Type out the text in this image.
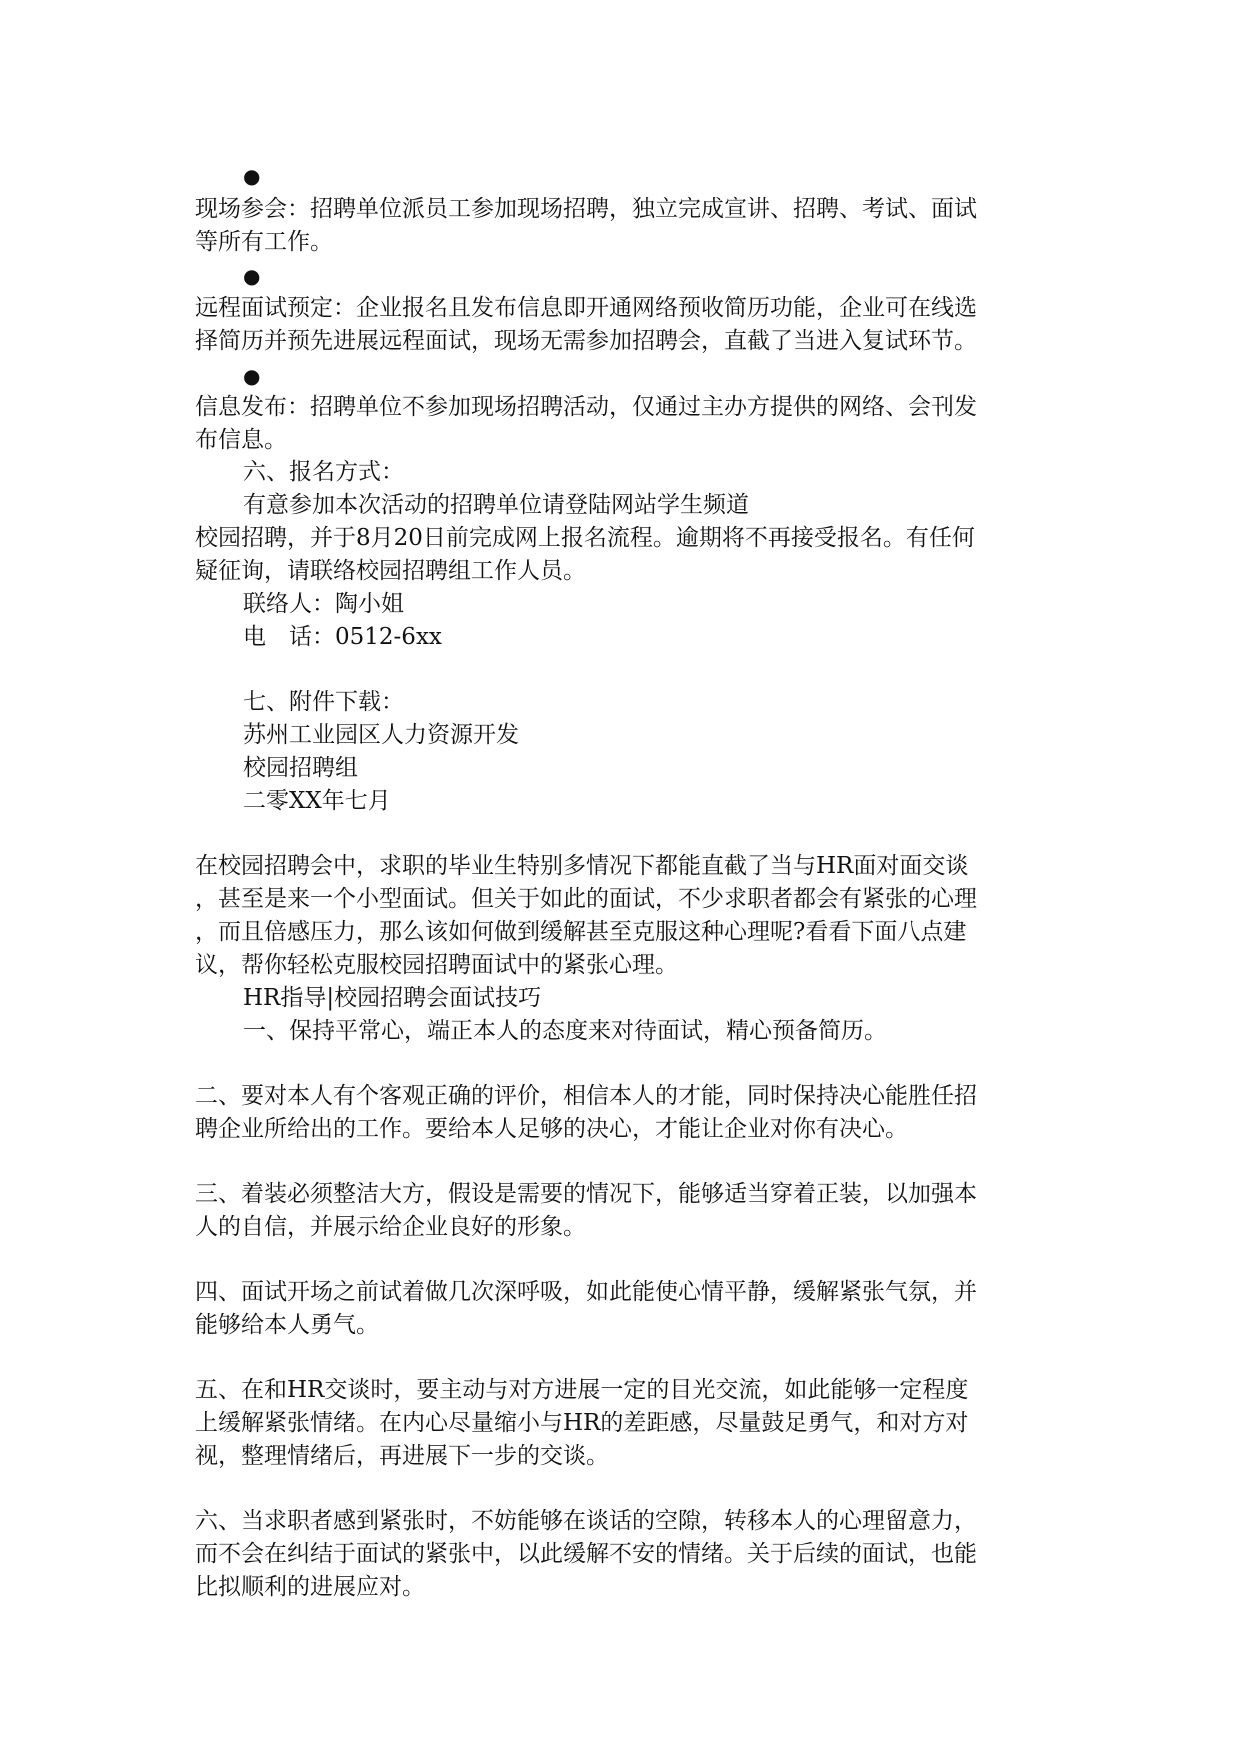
●
现场参会：招聘单位派员工参加现场招聘，独立完成宣讲、招聘、考试、面试
等所有工作。
●
远程面试预定：企业报名且发布信息即开通网络预收简历功能，企业可在线选
择简历并预先进展远程面试，现场无需参加招聘会，直截了当进入复试环节。
●
信息发布：招聘单位不参加现场招聘活动，仅通过主办方提供的网络、会刊发
布信息。
六、报名方式：
有意参加本次活动的招聘单位请登陆网站学生频道
校园招聘，并于8月20日前完成网上报名流程。逾期将不再接受报名。有任何
疑征询，请联络校园招聘组工作人员。
联络人：陶小姐
电　话：0512-6xx
七、附件下载：
苏州工业园区人力资源开发
校园招聘组
二零XX年七月
在校园招聘会中，求职的毕业生特别多情况下都能直截了当与HR面对面交谈
，甚至是来一个小型面试。但关于如此的面试，不少求职者都会有紧张的心理
，而且倍感压力，那么该如何做到缓解甚至克服这种心理呢?看看下面八点建
议，帮你轻松克服校园招聘面试中的紧张心理。
HR指导|校园招聘会面试技巧
一、保持平常心，端正本人的态度来对待面试，精心预备简历。
二、要对本人有个客观正确的评价，相信本人的才能，同时保持决心能胜任招
聘企业所给出的工作。要给本人足够的决心，才能让企业对你有决心。
三、着装必须整洁大方，假设是需要的情况下，能够适当穿着正装，以加强本
人的自信，并展示给企业良好的形象。
四、面试开场之前试着做几次深呼吸，如此能使心情平静，缓解紧张气氛，并
能够给本人勇气。
五、在和HR交谈时，要主动与对方进展一定的目光交流，如此能够一定程度
上缓解紧张情绪。在内心尽量缩小与HR的差距感，尽量鼓足勇气，和对方对
视，整理情绪后，再进展下一步的交谈。
六、当求职者感到紧张时，不妨能够在谈话的空隙，转移本人的心理留意力，
而不会在纠结于面试的紧张中，以此缓解不安的情绪。关于后续的面试，也能
比拟顺利的进展应对。
